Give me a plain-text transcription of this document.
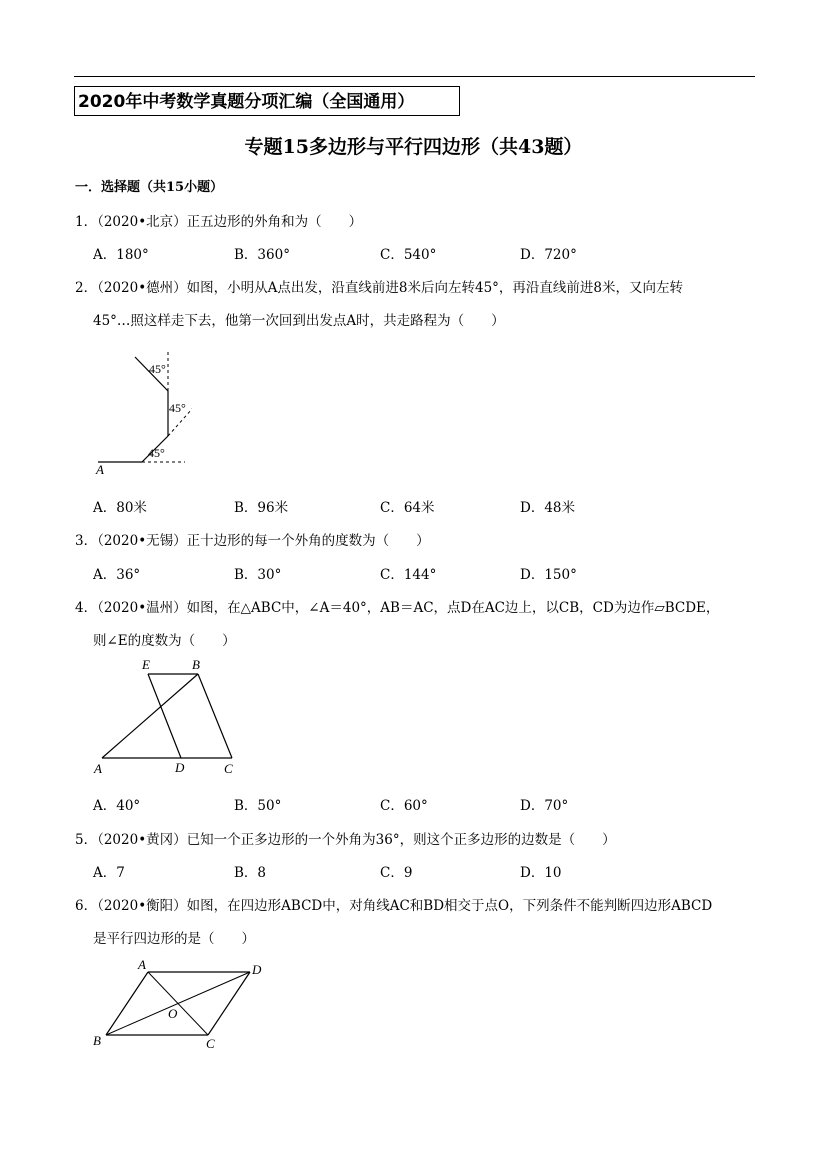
2020年中考数学真题分项汇编（全国通用）
专题15多边形与平行四边形（共43题）
一．选择题（共15小题）
1．（2020•北京）正五边形的外角和为（　　）
A．180°	B．360°	C．540°	D．720°
2．（2020•德州）如图，小明从A点出发，沿直线前进8米后向左转45°，再沿直线前进8米，又向左转
45°…照这样走下去，他第一次回到出发点A时，共走路程为（　　）
45°
45°
45°
A
A．80米	B．96米	C．64米	D．48米
3．（2020•无锡）正十边形的每一个外角的度数为（　　）
A．36°	B．30°	C．144°	D．150°
4．（2020•温州）如图，在△ABC中，∠A＝40°，AB＝AC，点D在AC边上，以CB，CD为边作▱BCDE，
则∠E的度数为（　　）
E	B
A	D	C
A．40°	B．50°	C．60°	D．70°
5．（2020•黄冈）已知一个正多边形的一个外角为36°，则这个正多边形的边数是（　　）
A．7	B．8	C．9	D．10
6．（2020•衡阳）如图，在四边形ABCD中，对角线AC和BD相交于点O，下列条件不能判断四边形ABCD
是平行四边形的是（　　）
A	D
O
B	C
